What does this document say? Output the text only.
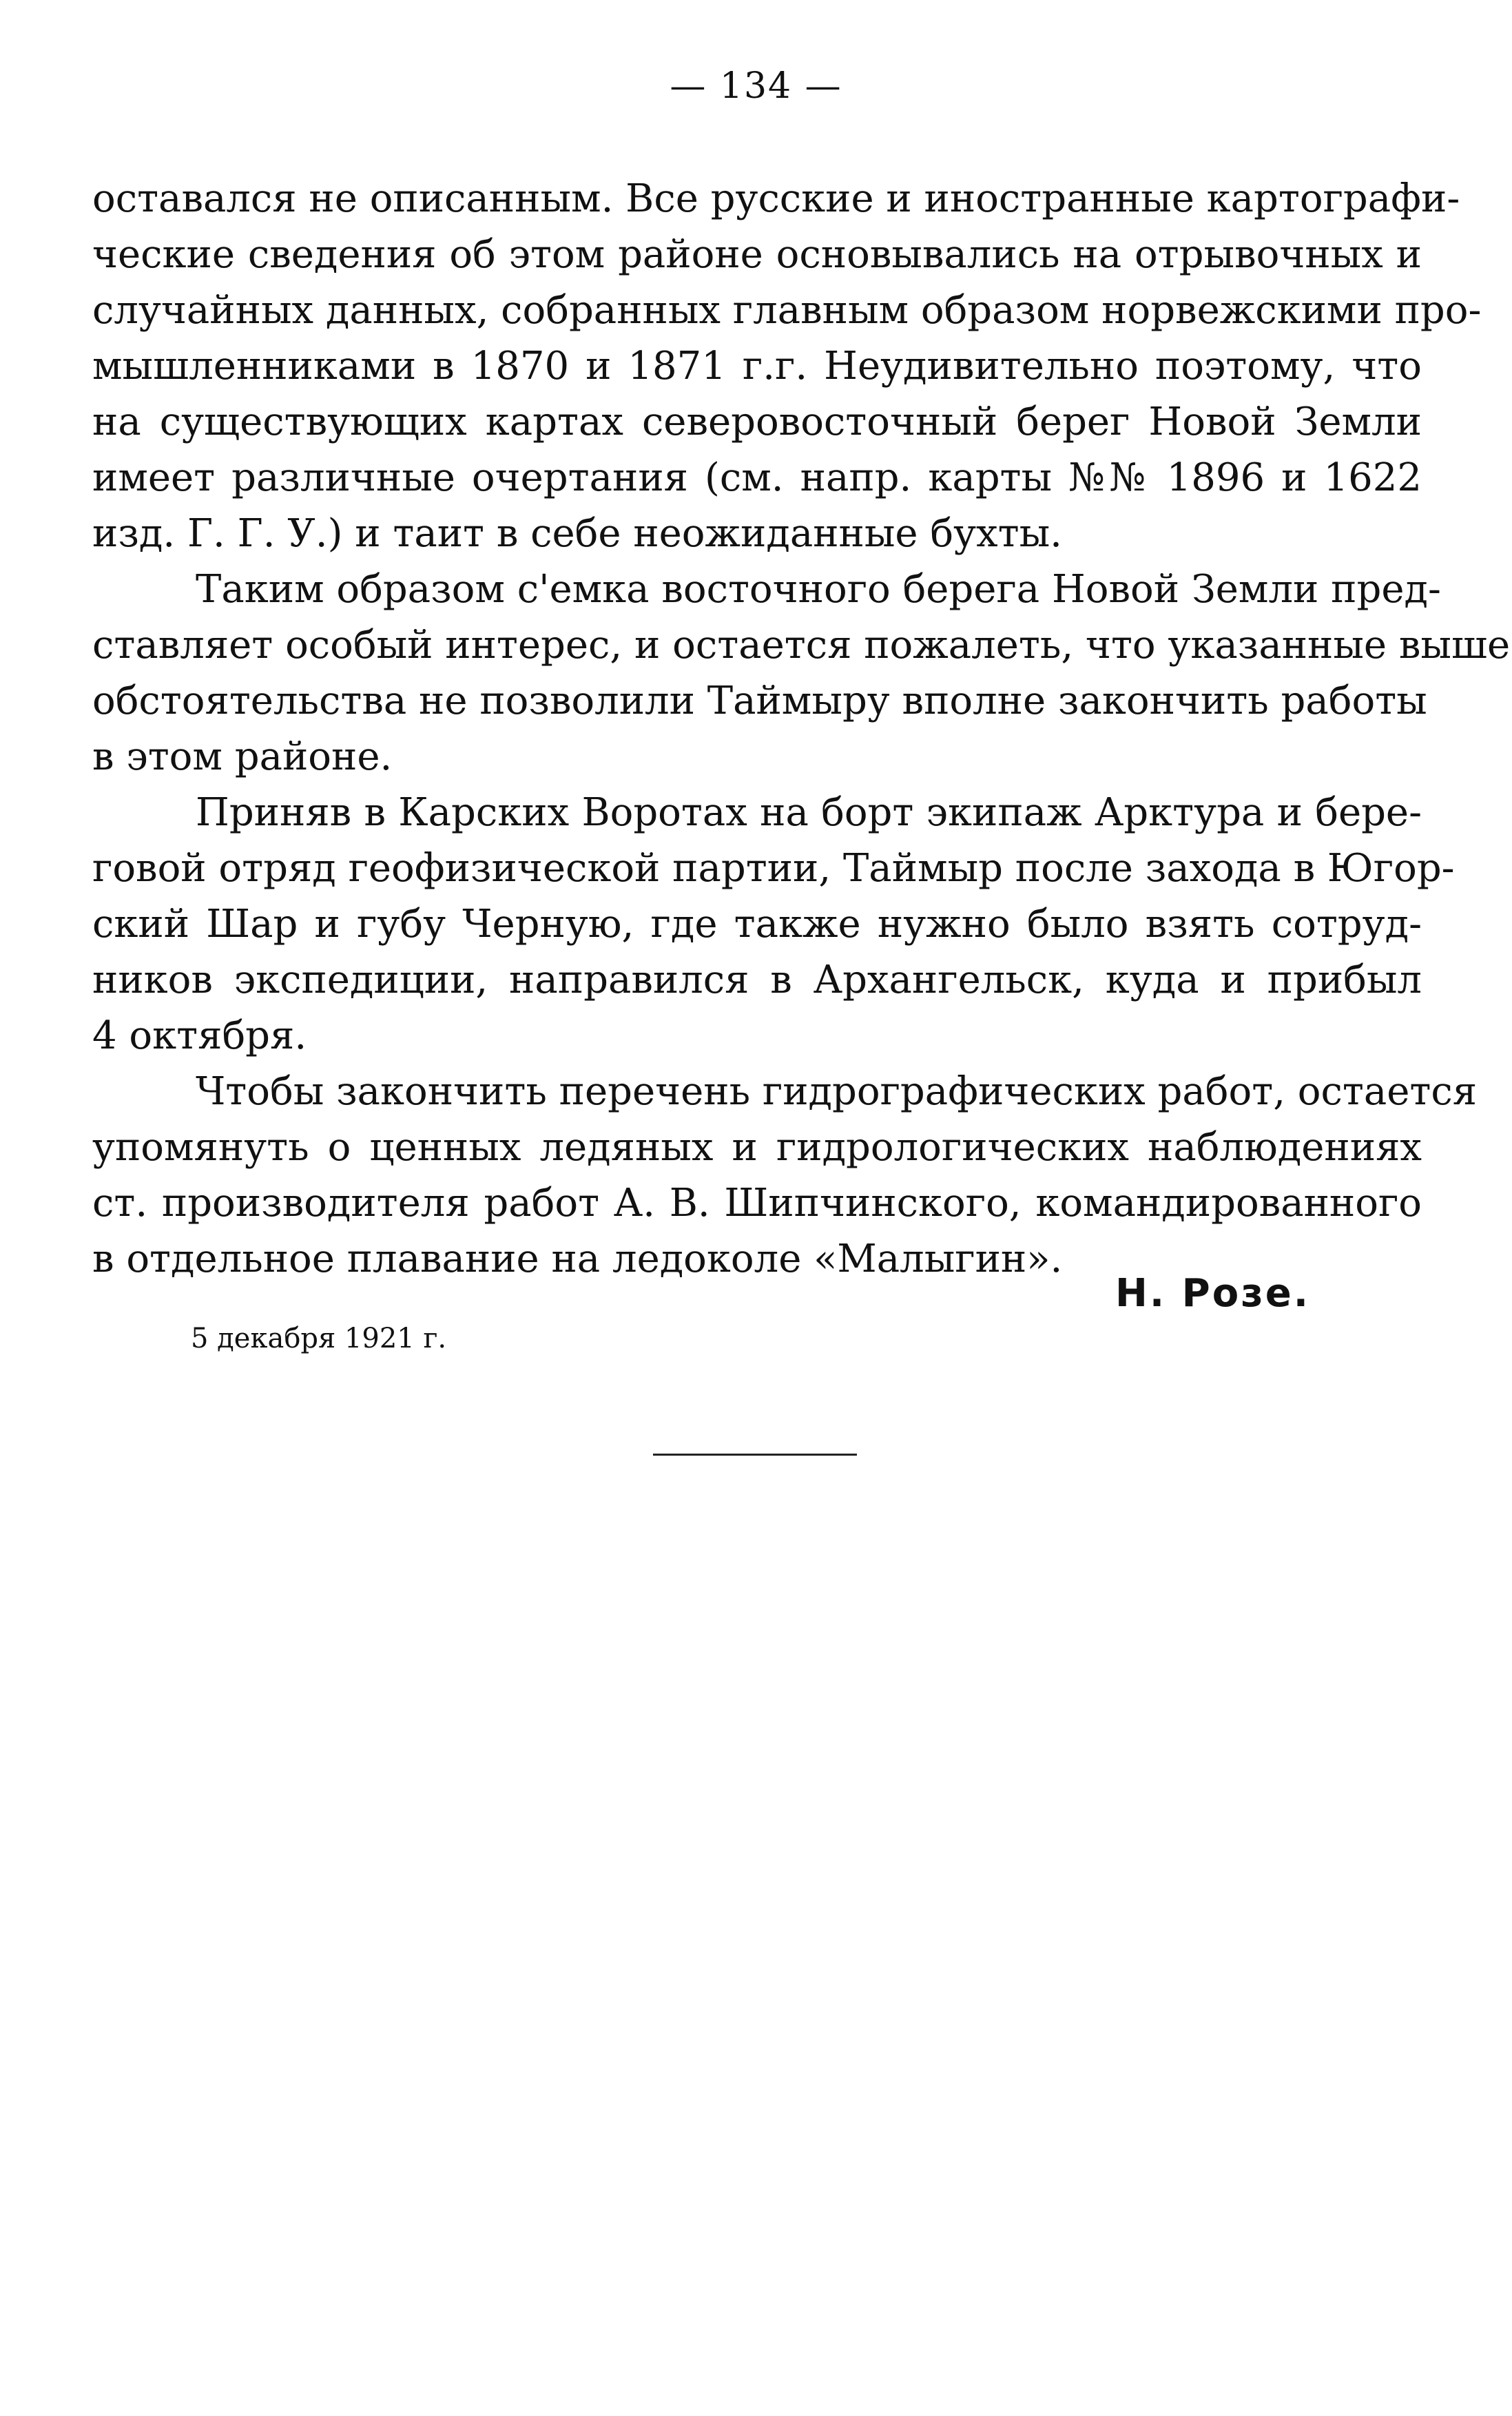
— 134 —
оставался не описанным. Все русские и иностранные картографи-
ческие сведения об этом районе основывались на отрывочных и
случайных данных, собранных главным образом норвежскими про-
мышленниками в 1870 и 1871 г.г. Неудивительно поэтому, что
на существующих картах северовосточный берег Новой Земли
имеет различные очертания (см. напр. карты №№ 1896 и 1622
изд. Г. Г. У.) и таит в себе неожиданные бухты.
Таким образом с'емка восточного берега Новой Земли пред-
ставляет особый интерес, и остается пожалеть, что указанные выше
обстоятельства не позволили Таймыру вполне закончить работы
в этом районе.
Приняв в Карских Воротах на борт экипаж Арктура и бере-
говой отряд геофизической партии, Таймыр после захода в Югор-
ский Шар и губу Черную, где также нужно было взять сотруд-
ников экспедиции, направился в Архангельск, куда и прибыл
4 октября.
Чтобы закончить перечень гидрографических работ, остается
упомянуть о ценных ледяных и гидрологических наблюдениях
ст. производителя работ А. В. Шипчинского, командированного
в отдельное плавание на ледоколе «Малыгин».
Н. Розе.
5 декабря 1921 г.
